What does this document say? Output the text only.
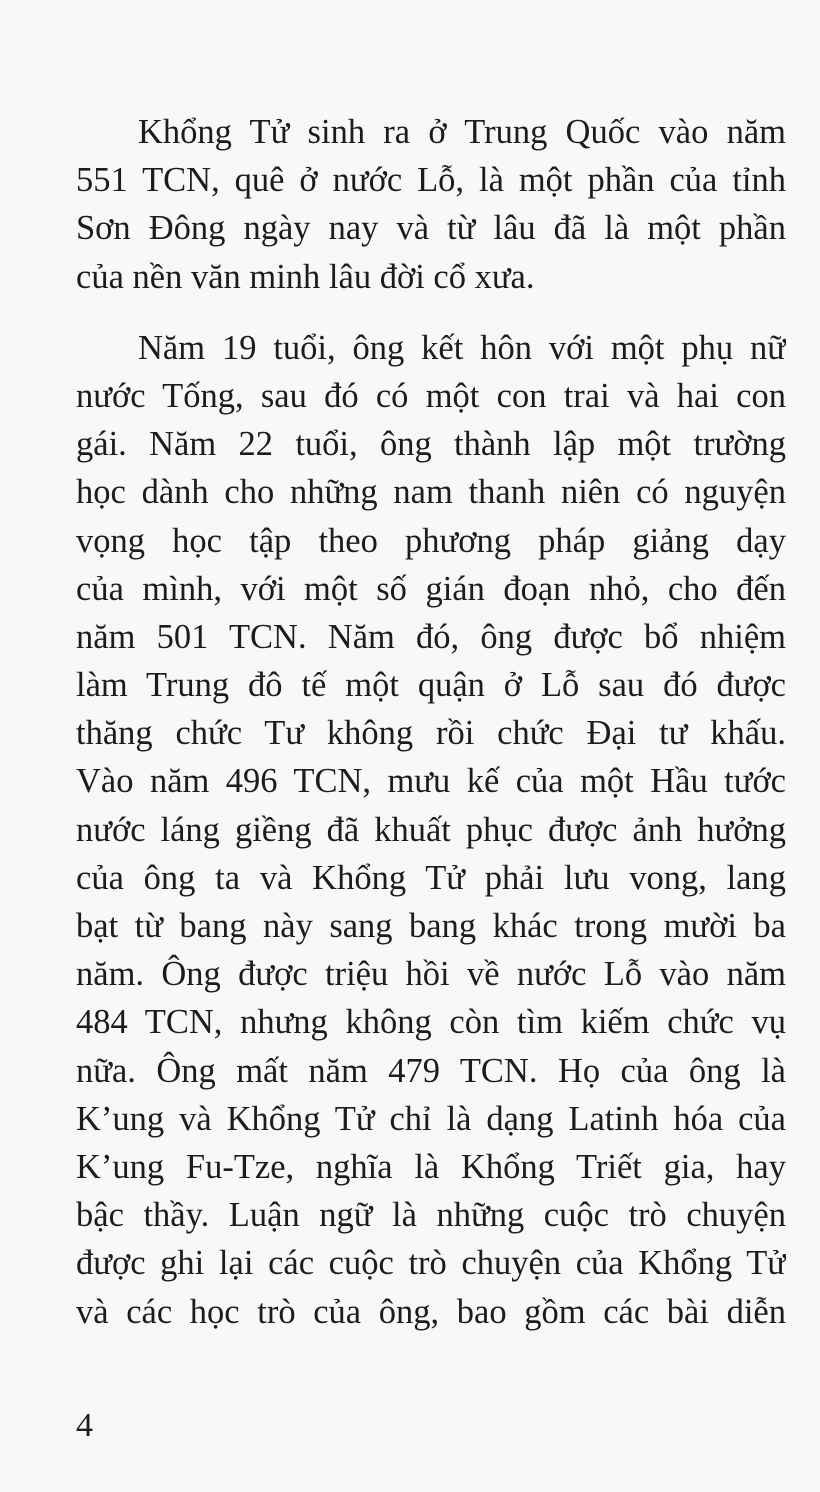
Khổng Tử sinh ra ở Trung Quốc vào năm
551 TCN, quê ở nước Lỗ, là một phần của tỉnh
Sơn Đông ngày nay và từ lâu đã là một phần
của nền văn minh lâu đời cổ xưa.
Năm 19 tuổi, ông kết hôn với một phụ nữ
nước Tống, sau đó có một con trai và hai con
gái. Năm 22 tuổi, ông thành lập một trường
học dành cho những nam thanh niên có nguyện
vọng học tập theo phương pháp giảng dạy
của mình, với một số gián đoạn nhỏ, cho đến
năm 501 TCN. Năm đó, ông được bổ nhiệm
làm Trung đô tế một quận ở Lỗ sau đó được
thăng chức Tư không rồi chức Đại tư khấu.
Vào năm 496 TCN, mưu kế của một Hầu tước
nước láng giềng đã khuất phục được ảnh hưởng
của ông ta và Khổng Tử phải lưu vong, lang
bạt từ bang này sang bang khác trong mười ba
năm. Ông được triệu hồi về nước Lỗ vào năm
484 TCN, nhưng không còn tìm kiếm chức vụ
nữa. Ông mất năm 479 TCN. Họ của ông là
K’ung và Khổng Tử chỉ là dạng Latinh hóa của
K’ung Fu-Tze, nghĩa là Khổng Triết gia, hay
bậc thầy. Luận ngữ là những cuộc trò chuyện
được ghi lại các cuộc trò chuyện của Khổng Tử
và các học trò của ông, bao gồm các bài diễn
4
